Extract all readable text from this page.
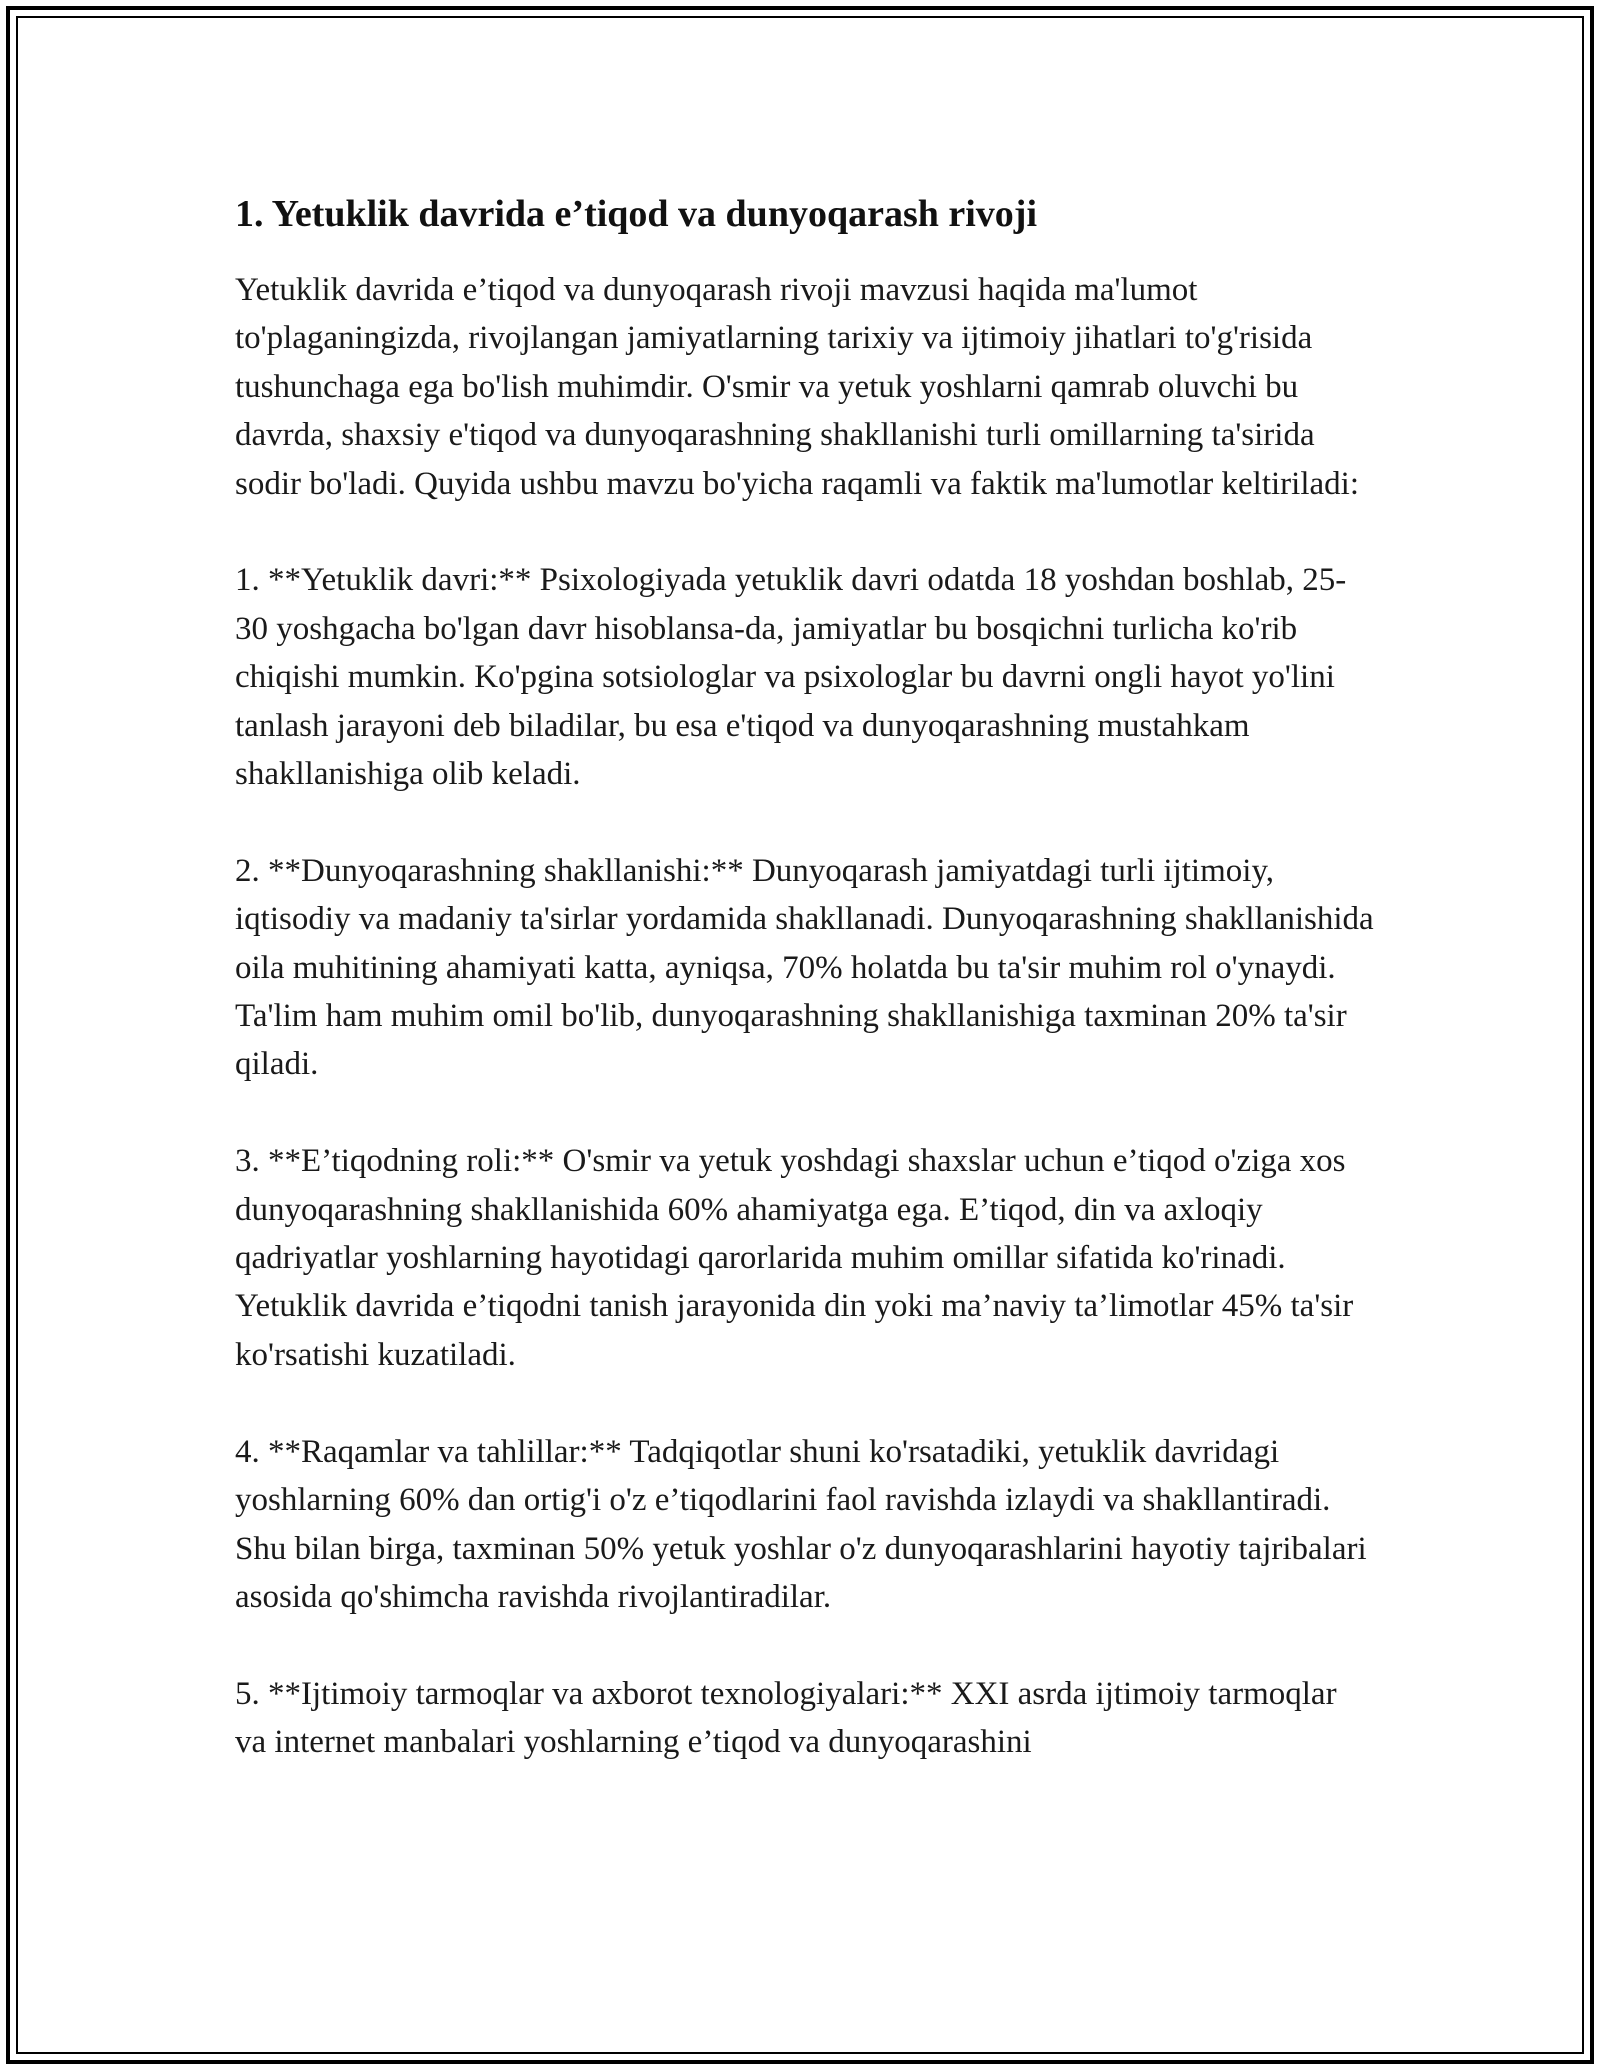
1. Yetuklik davrida e’tiqod va dunyoqarash rivoji

Yetuklik davrida e’tiqod va dunyoqarash rivoji mavzusi haqida ma'lumot to'plaganingizda, rivojlangan jamiyatlarning tarixiy va ijtimoiy jihatlari to'g'risida tushunchaga ega bo'lish muhimdir. O'smir va yetuk yoshlarni qamrab oluvchi bu davrda, shaxsiy e'tiqod va dunyoqarashning shakllanishi turli omillarning ta'sirida sodir bo'ladi. Quyida ushbu mavzu bo'yicha raqamli va faktik ma'lumotlar keltiriladi:

1. **Yetuklik davri:** Psixologiyada yetuklik davri odatda 18 yoshdan boshlab, 25-30 yoshgacha bo'lgan davr hisoblansa-da, jamiyatlar bu bosqichni turlicha ko'rib chiqishi mumkin. Ko'pgina sotsiologlar va psixologlar bu davrni ongli hayot yo'lini tanlash jarayoni deb biladilar, bu esa e'tiqod va dunyoqarashning mustahkam shakllanishiga olib keladi.

2. **Dunyoqarashning shakllanishi:** Dunyoqarash jamiyatdagi turli ijtimoiy, iqtisodiy va madaniy ta'sirlar yordamida shakllanadi. Dunyoqarashning shakllanishida oila muhitining ahamiyati katta, ayniqsa, 70% holatda bu ta'sir muhim rol o'ynaydi. Ta'lim ham muhim omil bo'lib, dunyoqarashning shakllanishiga taxminan 20% ta'sir qiladi.

3. **E’tiqodning roli:** O'smir va yetuk yoshdagi shaxslar uchun e’tiqod o'ziga xos dunyoqarashning shakllanishida 60% ahamiyatga ega. E’tiqod, din va axloqiy qadriyatlar yoshlarning hayotidagi qarorlarida muhim omillar sifatida ko'rinadi. Yetuklik davrida e’tiqodni tanish jarayonida din yoki ma’naviy ta’limotlar 45% ta'sir ko'rsatishi kuzatiladi.

4. **Raqamlar va tahlillar:** Tadqiqotlar shuni ko'rsatadiki, yetuklik davridagi yoshlarning 60% dan ortig'i o'z e’tiqodlarini faol ravishda izlaydi va shakllantiradi. Shu bilan birga, taxminan 50% yetuk yoshlar o'z dunyoqarashlarini hayotiy tajribalari asosida qo'shimcha ravishda rivojlantiradilar.

5. **Ijtimoiy tarmoqlar va axborot texnologiyalari:** XXI asrda ijtimoiy tarmoqlar va internet manbalari yoshlarning e’tiqod va dunyoqarashini
